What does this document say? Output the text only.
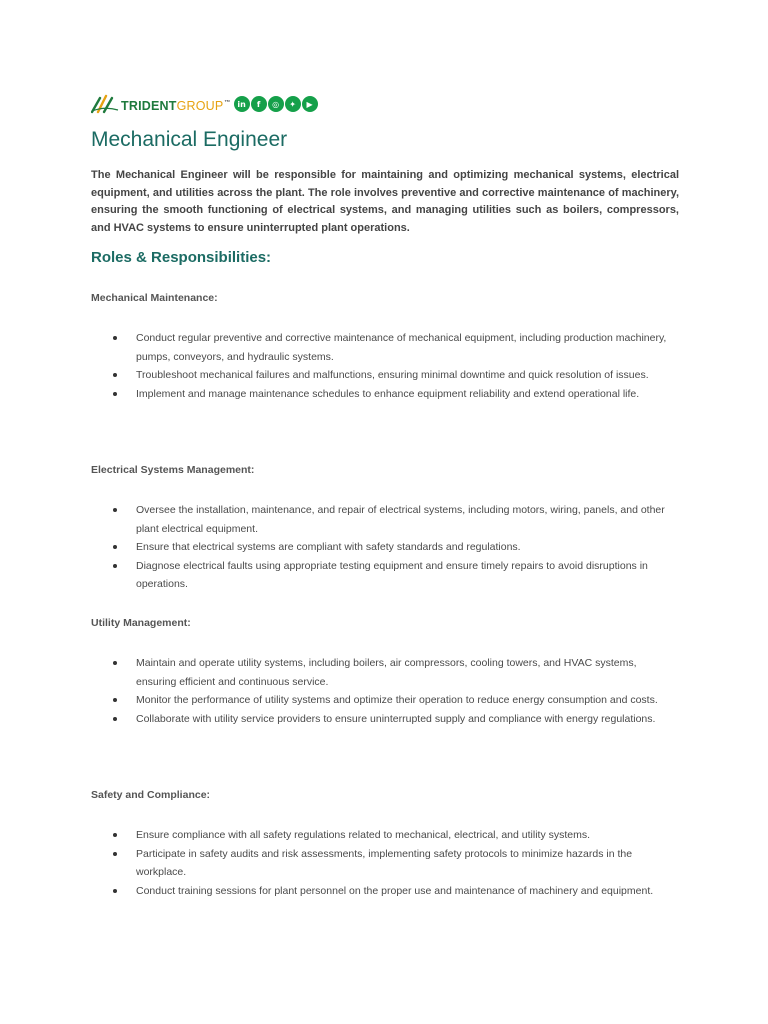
TRIDENTGROUP™ in	f	◎	✦	▶
Mechanical Engineer

The Mechanical Engineer will be responsible for maintaining and optimizing mechanical systems, electrical equipment, and utilities across the plant. The role involves preventive and corrective maintenance of machinery, ensuring the smooth functioning of electrical systems, and managing utilities such as boilers, compressors, and HVAC systems to ensure uninterrupted plant operations.

Roles & Responsibilities:
Mechanical Maintenance:
Conduct regular preventive and corrective maintenance of mechanical equipment, including production machinery, pumps, conveyors, and hydraulic systems.
Troubleshoot mechanical failures and malfunctions, ensuring minimal downtime and quick resolution of issues.
Implement and manage maintenance schedules to enhance equipment reliability and extend operational life.
Electrical Systems Management:
Oversee the installation, maintenance, and repair of electrical systems, including motors, wiring, panels, and other plant electrical equipment.
Ensure that electrical systems are compliant with safety standards and regulations.
Diagnose electrical faults using appropriate testing equipment and ensure timely repairs to avoid disruptions in operations.
Utility Management:
Maintain and operate utility systems, including boilers, air compressors, cooling towers, and HVAC systems, ensuring efficient and continuous service.
Monitor the performance of utility systems and optimize their operation to reduce energy consumption and costs.
Collaborate with utility service providers to ensure uninterrupted supply and compliance with energy regulations.
Safety and Compliance:
Ensure compliance with all safety regulations related to mechanical, electrical, and utility systems.
Participate in safety audits and risk assessments, implementing safety protocols to minimize hazards in the workplace.
Conduct training sessions for plant personnel on the proper use and maintenance of machinery and equipment.
